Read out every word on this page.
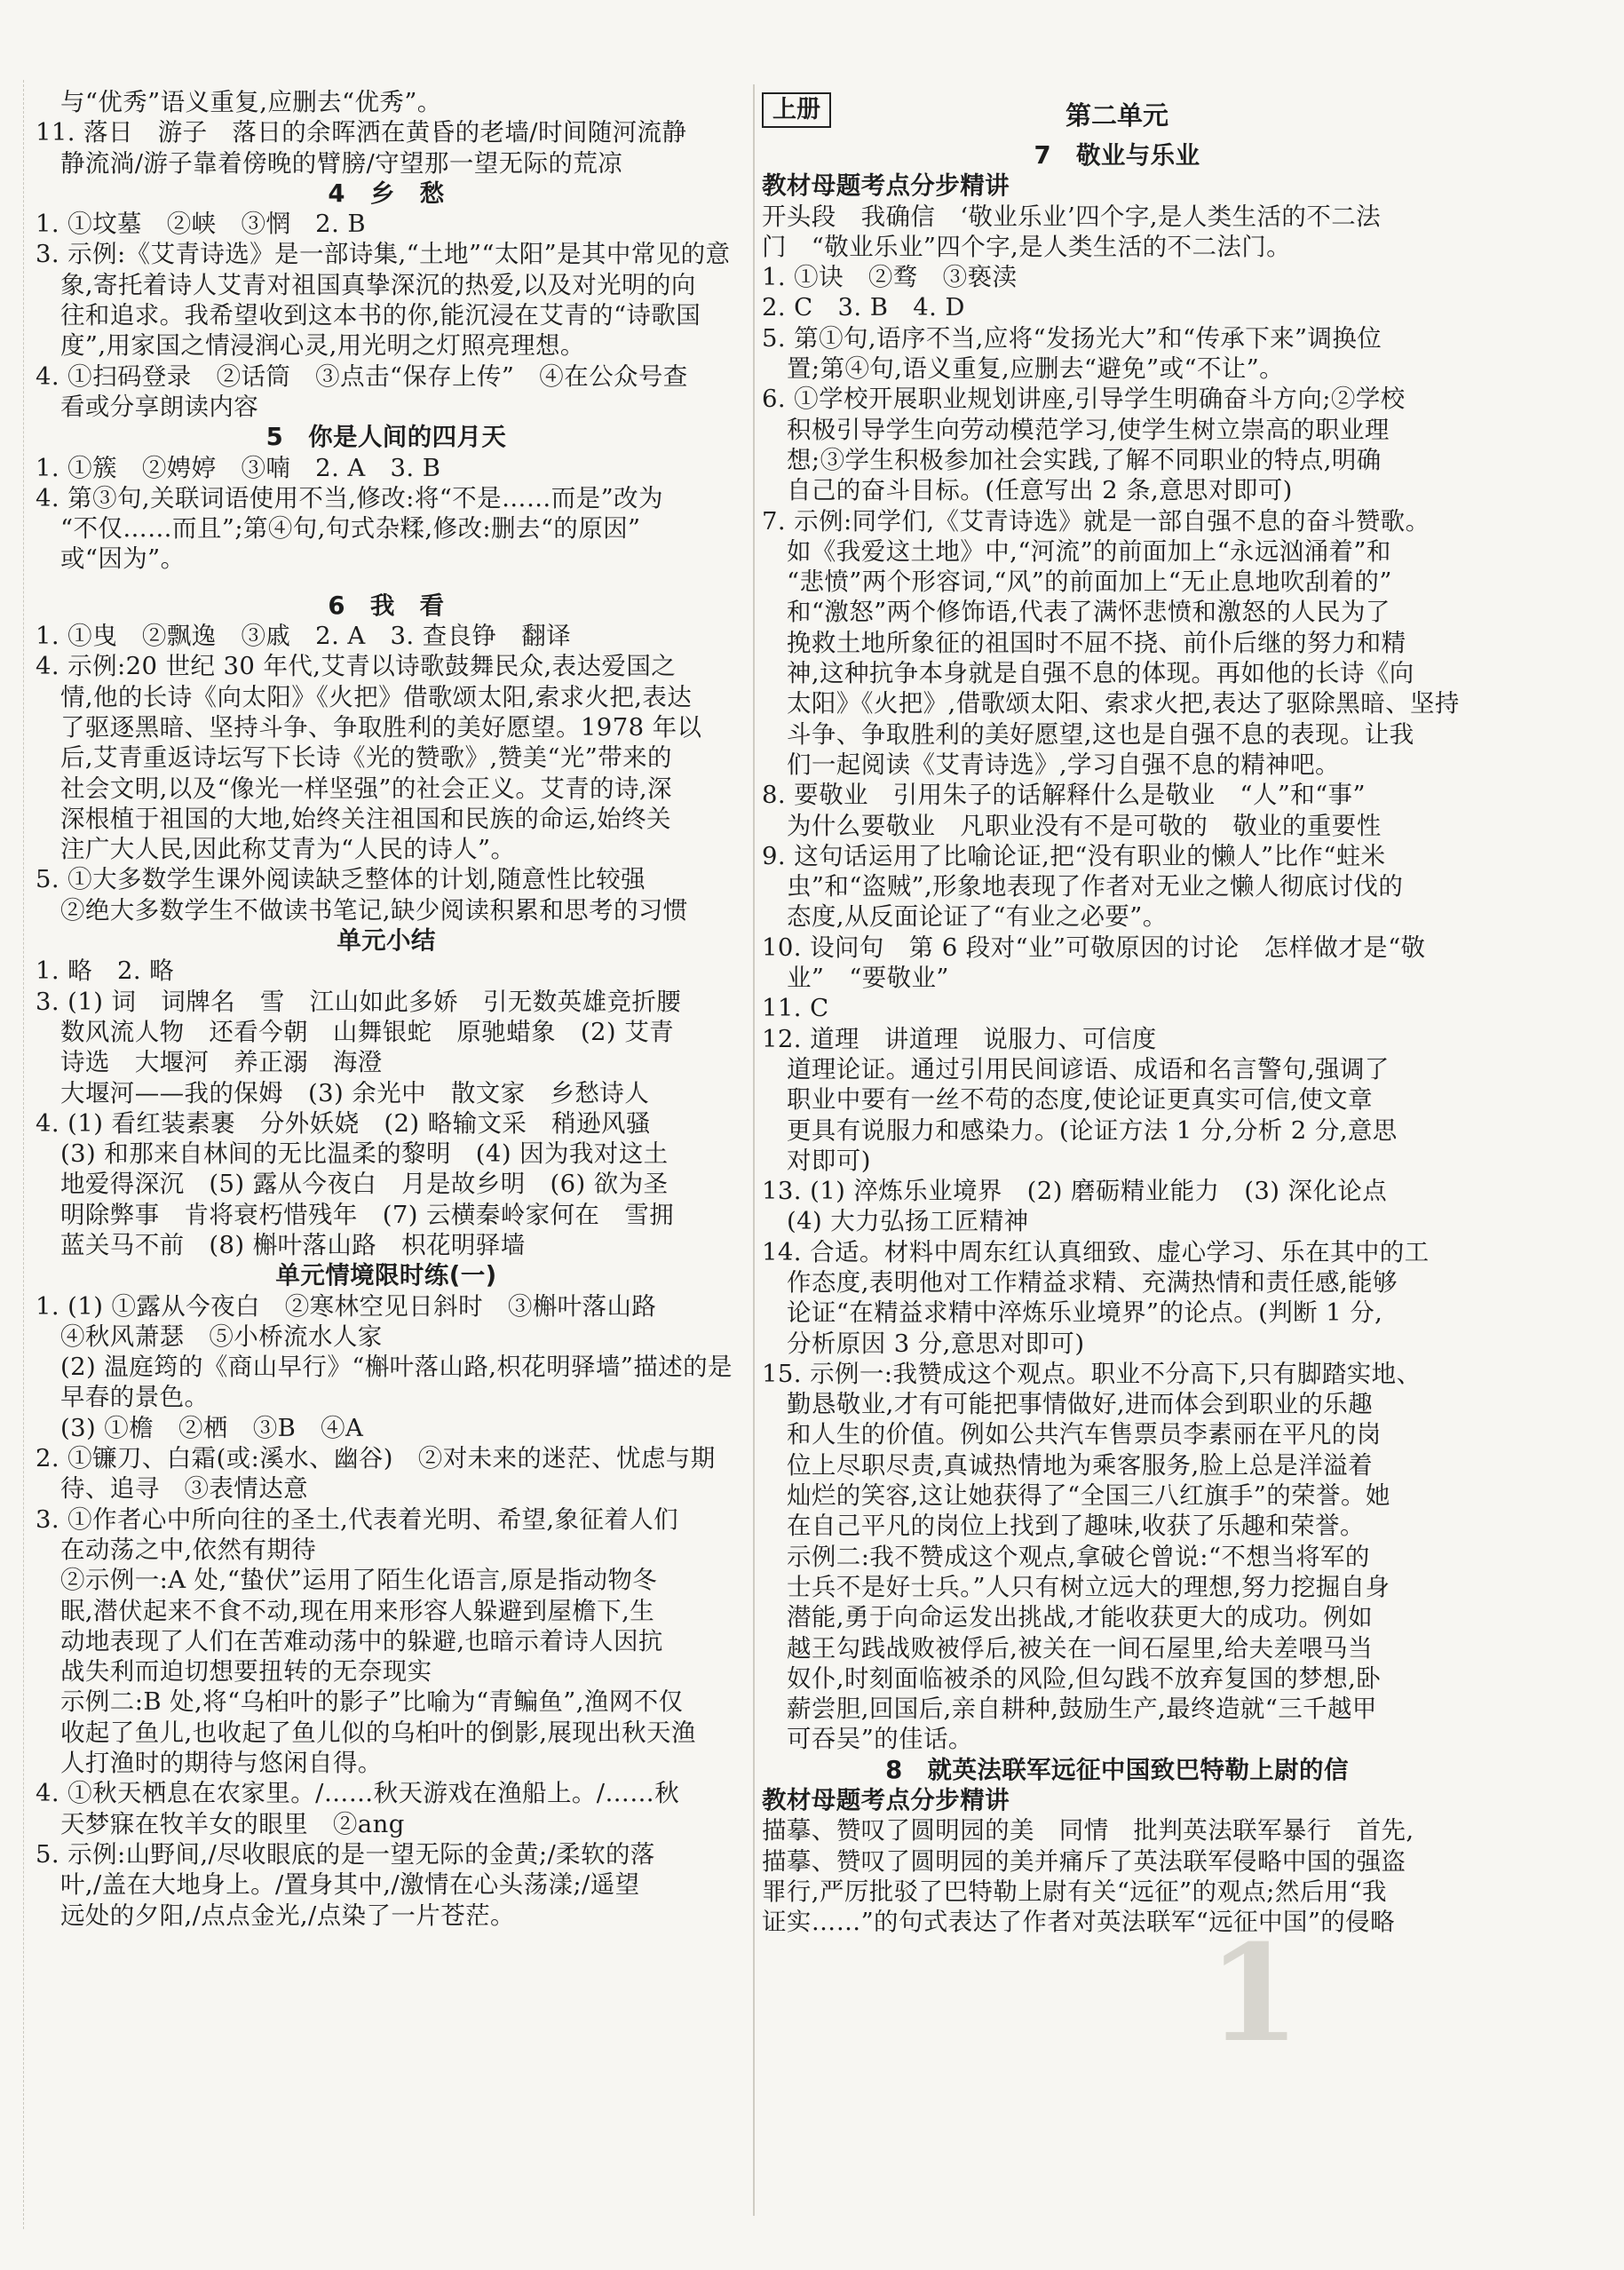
与“优秀”语义重复,应删去“优秀”。
11. 落日　游子　落日的余晖洒在黄昏的老墙/时间随河流静
静流淌/游子靠着傍晚的臂膀/守望那一望无际的荒凉
4　乡　愁
1. ①坟墓　②峡　③惘　2. B
3. 示例:《艾青诗选》是一部诗集,“土地”“太阳”是其中常见的意
象,寄托着诗人艾青对祖国真挚深沉的热爱,以及对光明的向
往和追求。我希望收到这本书的你,能沉浸在艾青的“诗歌国
度”,用家国之情浸润心灵,用光明之灯照亮理想。
4. ①扫码登录　②话筒　③点击“保存上传”　④在公众号查
看或分享朗读内容
5　你是人间的四月天
1. ①簇　②娉婷　③喃　2. A　3. B
4. 第③句,关联词语使用不当,修改:将“不是……而是”改为
“不仅……而且”;第④句,句式杂糅,修改:删去“的原因”
或“因为”。
6　我　看
1. ①曳　②飘逸　③戚　2. A　3. 查良铮　翻译
4. 示例:20 世纪 30 年代,艾青以诗歌鼓舞民众,表达爱国之
情,他的长诗《向太阳》《火把》借歌颂太阳,索求火把,表达
了驱逐黑暗、坚持斗争、争取胜利的美好愿望。1978 年以
后,艾青重返诗坛写下长诗《光的赞歌》,赞美“光”带来的
社会文明,以及“像光一样坚强”的社会正义。艾青的诗,深
深根植于祖国的大地,始终关注祖国和民族的命运,始终关
注广大人民,因此称艾青为“人民的诗人”。
5. ①大多数学生课外阅读缺乏整体的计划,随意性比较强
②绝大多数学生不做读书笔记,缺少阅读积累和思考的习惯
单元小结
1. 略　2. 略
3. (1) 词　词牌名　雪　江山如此多娇　引无数英雄竞折腰
数风流人物　还看今朝　山舞银蛇　原驰蜡象　(2) 艾青
诗选　大堰河　养正溺　海澄
大堰河——我的保姆　(3) 余光中　散文家　乡愁诗人
4. (1) 看红装素裹　分外妖娆　(2) 略输文采　稍逊风骚
(3) 和那来自林间的无比温柔的黎明　(4) 因为我对这土
地爱得深沉　(5) 露从今夜白　月是故乡明　(6) 欲为圣
明除弊事　肯将衰朽惜残年　(7) 云横秦岭家何在　雪拥
蓝关马不前　(8) 槲叶落山路　枳花明驿墙
单元情境限时练(一)
1. (1) ①露从今夜白　②寒林空见日斜时　③槲叶落山路
④秋风萧瑟　⑤小桥流水人家
(2) 温庭筠的《商山早行》“槲叶落山路,枳花明驿墙”描述的是
早春的景色。
(3) ①檐　②栖　③B　④A
2. ①镰刀、白霜(或:溪水、幽谷)　②对未来的迷茫、忧虑与期
待、追寻　③表情达意
3. ①作者心中所向往的圣土,代表着光明、希望,象征着人们
在动荡之中,依然有期待
②示例一:A 处,“蛰伏”运用了陌生化语言,原是指动物冬
眠,潜伏起来不食不动,现在用来形容人躲避到屋檐下,生
动地表现了人们在苦难动荡中的躲避,也暗示着诗人因抗
战失利而迫切想要扭转的无奈现实
示例二:B 处,将“乌桕叶的影子”比喻为“青鳊鱼”,渔网不仅
收起了鱼儿,也收起了鱼儿似的乌桕叶的倒影,展现出秋天渔
人打渔时的期待与悠闲自得。
4. ①秋天栖息在农家里。/……秋天游戏在渔船上。/……秋
天梦寐在牧羊女的眼里　②ang
5. 示例:山野间,/尽收眼底的是一望无际的金黄;/柔软的落
叶,/盖在大地身上。/置身其中,/激情在心头荡漾;/遥望
远处的夕阳,/点点金光,/点染了一片苍茫。
上册	第二单元
7　敬业与乐业
教材母题考点分步精讲
开头段　我确信　‘敬业乐业’四个字,是人类生活的不二法
门　“敬业乐业”四个字,是人类生活的不二法门。
1. ①诀　②骛　③亵渎
2. C　3. B　4. D
5. 第①句,语序不当,应将“发扬光大”和“传承下来”调换位
置;第④句,语义重复,应删去“避免”或“不让”。
6. ①学校开展职业规划讲座,引导学生明确奋斗方向;②学校
积极引导学生向劳动模范学习,使学生树立崇高的职业理
想;③学生积极参加社会实践,了解不同职业的特点,明确
自己的奋斗目标。(任意写出 2 条,意思对即可)
7. 示例:同学们,《艾青诗选》就是一部自强不息的奋斗赞歌。
如《我爱这土地》中,“河流”的前面加上“永远汹涌着”和
“悲愤”两个形容词,“风”的前面加上“无止息地吹刮着的”
和“激怒”两个修饰语,代表了满怀悲愤和激怒的人民为了
挽救土地所象征的祖国时不屈不挠、前仆后继的努力和精
神,这种抗争本身就是自强不息的体现。再如他的长诗《向
太阳》《火把》,借歌颂太阳、索求火把,表达了驱除黑暗、坚持
斗争、争取胜利的美好愿望,这也是自强不息的表现。让我
们一起阅读《艾青诗选》,学习自强不息的精神吧。
8. 要敬业　引用朱子的话解释什么是敬业　“人”和“事”
为什么要敬业　凡职业没有不是可敬的　敬业的重要性
9. 这句话运用了比喻论证,把“没有职业的懒人”比作“蛀米
虫”和“盗贼”,形象地表现了作者对无业之懒人彻底讨伐的
态度,从反面论证了“有业之必要”。
10. 设问句　第 6 段对“业”可敬原因的讨论　怎样做才是“敬
业”　“要敬业”
11. C
12. 道理　讲道理　说服力、可信度
道理论证。通过引用民间谚语、成语和名言警句,强调了
职业中要有一丝不苟的态度,使论证更真实可信,使文章
更具有说服力和感染力。(论证方法 1 分,分析 2 分,意思
对即可)
13. (1) 淬炼乐业境界　(2) 磨砺精业能力　(3) 深化论点
(4) 大力弘扬工匠精神
14. 合适。材料中周东红认真细致、虚心学习、乐在其中的工
作态度,表明他对工作精益求精、充满热情和责任感,能够
论证“在精益求精中淬炼乐业境界”的论点。(判断 1 分,
分析原因 3 分,意思对即可)
15. 示例一:我赞成这个观点。职业不分高下,只有脚踏实地、
勤恳敬业,才有可能把事情做好,进而体会到职业的乐趣
和人生的价值。例如公共汽车售票员李素丽在平凡的岗
位上尽职尽责,真诚热情地为乘客服务,脸上总是洋溢着
灿烂的笑容,这让她获得了“全国三八红旗手”的荣誉。她
在自己平凡的岗位上找到了趣味,收获了乐趣和荣誉。
示例二:我不赞成这个观点,拿破仑曾说:“不想当将军的
士兵不是好士兵。”人只有树立远大的理想,努力挖掘自身
潜能,勇于向命运发出挑战,才能收获更大的成功。例如
越王勾践战败被俘后,被关在一间石屋里,给夫差喂马当
奴仆,时刻面临被杀的风险,但勾践不放弃复国的梦想,卧
薪尝胆,回国后,亲自耕种,鼓励生产,最终造就“三千越甲
可吞吴”的佳话。
8　就英法联军远征中国致巴特勒上尉的信
教材母题考点分步精讲
描摹、赞叹了圆明园的美　同情　批判英法联军暴行　首先,
描摹、赞叹了圆明园的美并痛斥了英法联军侵略中国的强盗
罪行,严厉批驳了巴特勒上尉有关“远征”的观点;然后用“我
证实……”的句式表达了作者对英法联军“远征中国”的侵略
1
